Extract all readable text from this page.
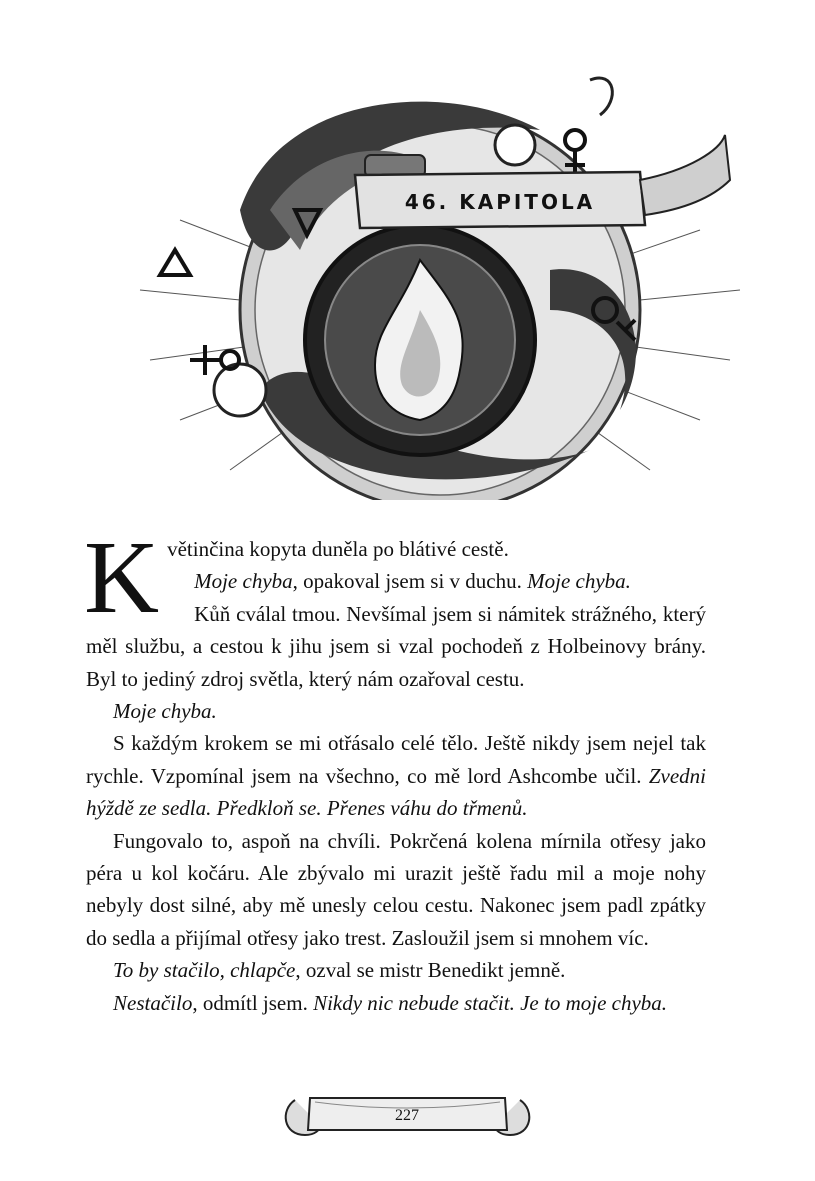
46. KAPITOLA

Květinčina kopyta duněla po blátivé cestě.

Moje chyba, opakoval jsem si v duchu. Moje chyba.

Kůň cválal tmou. Nevšímal jsem si námitek strážného, který měl službu, a cestou k jihu jsem si vzal pochodeň z Holbeinovy brány. Byl to jediný zdroj světla, který nám ozařoval cestu.

Moje chyba.

S každým krokem se mi otřásalo celé tělo. Ještě nikdy jsem nejel tak rychle. Vzpomínal jsem na všechno, co mě lord Ashcombe učil. Zvedni hýždě ze sedla. Předkloň se. Přenes váhu do třmenů.

Fungovalo to, aspoň na chvíli. Pokrčená kolena mírnila otřesy jako péra u kol kočáru. Ale zbývalo mi urazit ještě řadu mil a moje nohy nebyly dost silné, aby mě unesly celou cestu. Nakonec jsem padl zpátky do sedla a přijímal otřesy jako trest. Zasloužil jsem si mnohem víc.

To by stačilo, chlapče, ozval se mistr Benedikt jemně.

Nestačilo, odmítl jsem. Nikdy nic nebude stačit. Je to moje chyba.

227
